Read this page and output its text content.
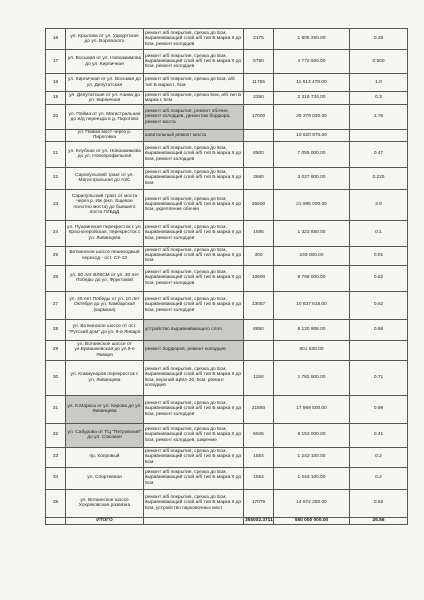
16	ул. Крылова от ул. Удмуртская до ул. Воровского	ремонт а/б покрытия, срезка до 5см, выравнивающий слой а/б тип Б марка II до 5см, ремонт колодцев	2175	1 605 250.00	0.25
17	ул. Восьмая от ул. Новоажимова до ул. Кирпичная	ремонт а/б покрытия, срезка до 5см, выравнивающий слой а/б тип Б марка II до 5см, ремонт колодцев	5750	4 772 500.00	0.500
18	ул. Кирпичная от ул. Восьмая до ул. Депутатская	ремонт а/б покрытия, срезка до 5см, а/б тип Б марка I, 5см	11765	11 613 478.00	1.8
19	ул. Депутатская от ул. Азина до ул. Кирпичная	ремонт а/б покрытия, срезка 5см, а/б тип Б марка I, 5см	2350	2 319 734.00	0.3
20	ул. Пойма от ул. Магистральная до ж/д переезда в д. Пирогово	ремонт а/б покрытия, ремонт обочин, ремонт колодцев, демонтаж бордюра, ремонт моста	17000	29 379 030.00	1.76
	ул. Пойма мост через р. Пироговка	капитальный ремонт моста		10 620 970.00	
21	ул. Клубная от ул. Новоажимова до ул. Новопрофильная	ремонт а/б покрытия, срезка до 5см, выравнивающий слой а/б тип Б марка II до 5см, ремонт колодцев	8500	7 055 000.00	0.47
22	Сарапульский тракт от ул. Магистральная до АЗС	ремонт а/б покрытия, срезка до 5см, выравнивающий слой а/б тип Б марка II до 5см	3660	3 037 800.00	0.225
23	Сарапульский тракт от моста через р. Иж (вкл. Ещевое полотно моста) до бывшего поста ГИБДД	ремонт а/б покрытия, срезка до 5см, выравнивающий слой а/б тип Б марка II до 5см, укрепление обочин	26500	21 995 000.00	3.9
24	ул. Пушкинская перекресток с ул. Красногеройская, перекресток с ул. Ливанцева	ремонт а/б покрытия, срезка до 5см, выравнивающий слой а/б тип Б марка II до 5см, ремонт колодцев	1595	1 323 850.00	0.1
25	Воткинское шоссе пешеходный переход - ост. СУ-13	ремонт а/б покрытия, срезка до 5см, выравнивающий слой а/б тип Б марка II до 5см	300	249 000.00	0.01
26	ул. 50 лет ВЛКСМ от ул. 30 лет Победы до ул. Фруктовой	ремонт а/б покрытия, срезка до 5см, выравнивающий слой а/б тип Б марка II до 5см, ремонт колодцев	10600	8 798 000.00	0.82
27	ул. 40 лет Победы от ул. 10 лет Октября до ул. Камбарская (кармана)	ремонт а/б покрытия, срезка до 5см, выравнивающий слой а/б тип Б марка II до 5см, ремонт колодцев	13057	10 837 618.00	0.62
28	ул. Воткинское шоссе от ост. "Русский дом" до ул. 9-е Января	устройство выравнивающего слоя	8850	8 130 908.00	0.66
29	ул. Воткинское шоссе от ул.Бумашкевская до ул.9-е Января	ремонт бордюров, ремонт колодцев		801 830.00	
30	ул. Коммунаров перекресток с ул. Ливанцева	ремонт а/б покрытия, срезка до 5см, выравнивающий слой а/б тип Б марка II до 5см, верхний ЩМА-20, 5см, ремонт колодцев	1150	1 782 500.00	0.71
31	ул. К.Маркса от ул. Кирова до ул. Ливанцева	ремонт а/б покрытия, срезка до 5см, выравнивающий слой а/б тип Б марка II до 5см, ремонт колодцев	21650	17 969 500.00	0.99
32	ул. Сабурова от ТЦ "Петровский" до ул. Союзная	ремонт а/б покрытия, срезка до 5см, выравнивающий слой а/б тип Б марка II до 5см, ремонт колодцев, ширение	6045	6 153 000.00	0.41
33	пр. Копровый	ремонт а/б покрытия, срезка до 5см, выравнивающий слой а/б тип Б марка II до 5см	1554	1 243 100.00	0.2
34	ул. Спортивная	ремонт а/б покрытия, срезка до 5см, выравнивающий слой а/б тип Б марка II до 5см	1554	1 243 100.00	0.2
35	ул. Воткинское шоссе Хохряковская развязка	ремонт а/б покрытия, срезка до 5см, выравнивающий слой а/б тип Б марка II до 5см, устройство парковочных мест	17075	14 672 250.00	0.62
	ИТОГО		355002.3711	550 000 000.00	26.56
